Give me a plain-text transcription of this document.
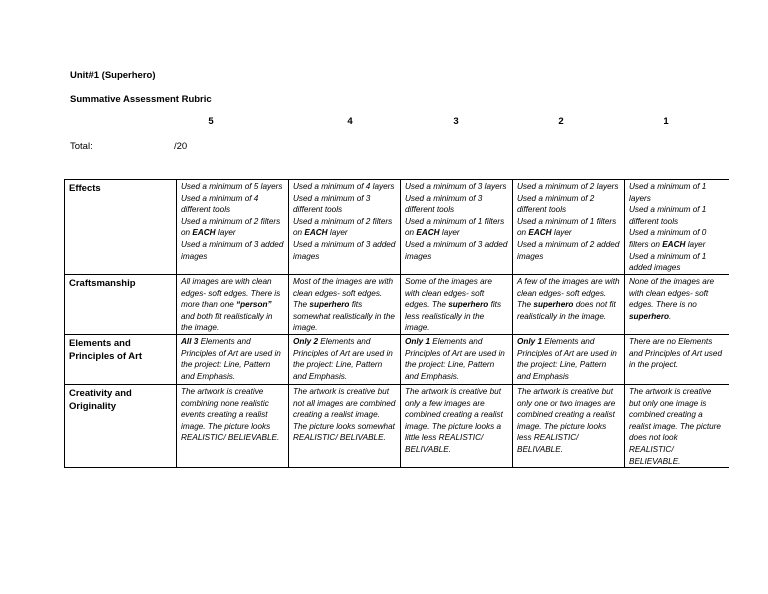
Unit#1 (Superhero)
Summative Assessment Rubric
5	4	3	2	1
Total:	/20
Effects	Used a minimum of 5 layers
Used a minimum of 4 different tools
Used a minimum of 2 filters on EACH layer
Used a minimum of 3 added images	Used a minimum of 4 layers
Used a minimum of 3 different tools
Used a minimum of 2 filters on EACH layer
Used a minimum of 3 added images	Used a minimum of 3 layers
Used a minimum of 3 different tools
Used a minimum of 1 filters on EACH layer
Used a minimum of 3 added images	Used a minimum of 2 layers
Used a minimum of 2 different tools
Used a minimum of 1 filters on EACH layer
Used a minimum of 2 added images	Used a minimum of 1 layers
Used a minimum of 1 different tools
Used a minimum of 0 filters on EACH layer
Used a minimum of 1 added images

Craftsmanship	All images are with clean edges- soft edges. There is more than one “person” and both fit realistically in the image.	Most of the images are with clean edges- soft edges. The superhero fits somewhat realistically in the image.	Some of the images are with clean edges- soft edges. The superhero fits less realistically in the image.	A few of the images are with clean edges- soft edges. The superhero does not fit realistically in the image.	None of the images are with clean edges- soft edges. There is no superhero.

Elements and Principles of Art	All 3 Elements and Principles of Art are used in the project: Line, Pattern and Emphasis.	Only 2 Elements and Principles of Art are used in the project: Line, Pattern and Emphasis.	Only 1 Elements and Principles of Art are used in the project: Line, Pattern and Emphasis.	Only 1 Elements and Principles of Art are used in the project: Line, Pattern and Emphasis	There are no Elements and Principles of Art used in the project.

Creativity and Originality	The artwork is creative combining none realistic events creating a realist image. The picture looks REALISTIC/ BELIEVABLE.	The artwork is creative but not all images are combined creating a realist image. The picture looks somewhat REALISTIC/ BELIVABLE.	The artwork is creative but only a few images are combined creating a realist image. The picture looks a little less REALISTIC/ BELIVABLE.	The artwork is creative but only one or two images are combined creating a realist image. The picture looks less REALISTIC/ BELIVABLE.	The artwork is creative but only one image is combined creating a realist image. The picture does not look REALISTIC/ BELIEVABLE.
